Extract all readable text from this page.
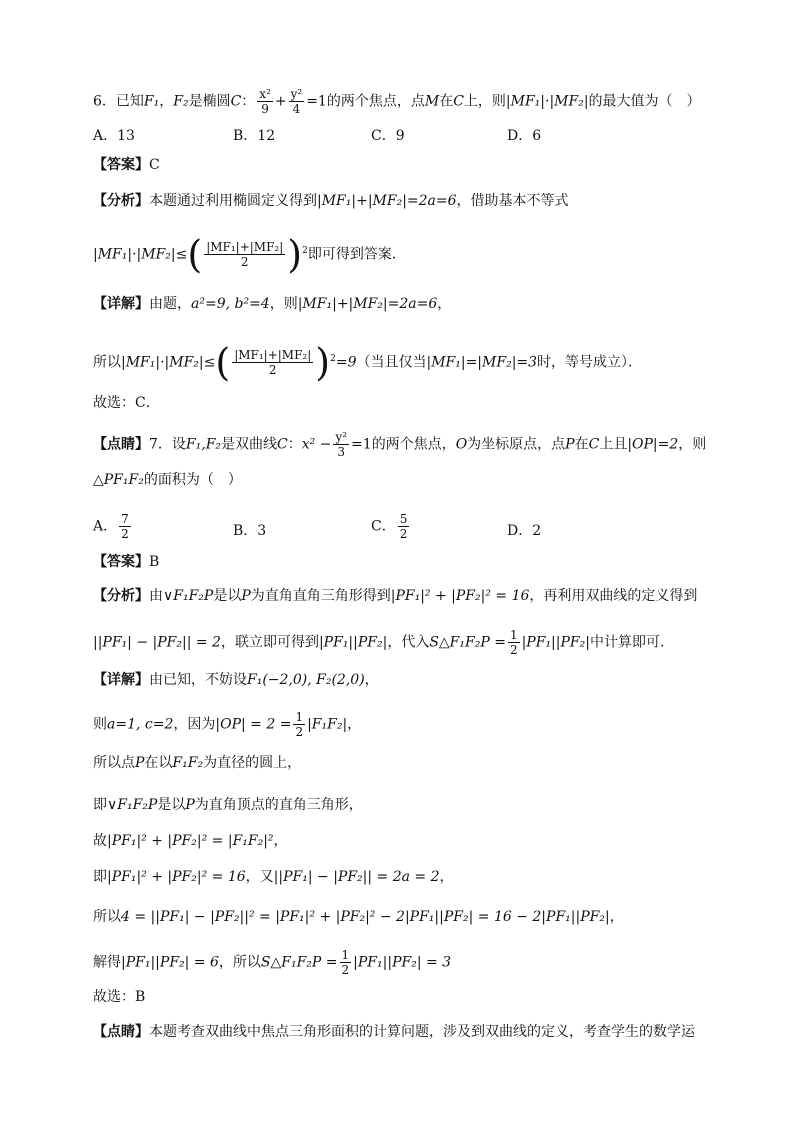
6．已知F₁，F₂是椭圆C： $\frac{\text{x²}}{9} + \frac{\text{y²}}{4} =1$的两个焦点，点M在C上，则|MF₁|·|MF₂|的最大值为（　）
A．13	B．12	C．9	D．6
【答案】C
【分析】本题通过利用椭圆定义得到|MF₁|+|MF₂|=2a=6，借助基本不等式
$|MF_1|\cdot|MF_2|\le( \frac{\text{|MF₁|+|MF₂|}}{2} )^2$即可得到答案．
【详解】由题，a²=9, b²=4，则|MF₁|+|MF₂|=2a=6，
所以$|MF_1|\cdot|MF_2|\le( \frac{\text{|MF₁|+|MF₂|}}{2} )^2=9$（当且仅当|MF₁|=|MF₂|=3时，等号成立）．
故选：C．
【点睛】7．设F₁,F₂是双曲线C：$x^2 - \frac{\text{y²}}{3} =1$的两个焦点，O为坐标原点，点P在C上且|OP|=2，则
△PF₁F₂的面积为（　）
A． $\frac{7}{2}$	B．3	C． $\frac{5}{2}$	D．2
【答案】B
【分析】由∨F₁F₂P是以P为直角直角三角形得到|PF₁|² + |PF₂|² = 16，再利用双曲线的定义得到
||PF₁| − |PF₂|| = 2，联立即可得到|PF₁||PF₂|，代入S△F₁F₂P = $\frac{1}{2} |PF_1||PF_2|$中计算即可.
【详解】由已知，不妨设F₁(−2,0), F₂(2,0)，
则a=1, c=2，因为$|OP| = 2 = \frac{1}{2} |F_1F_2|$，
所以点P在以F₁F₂为直径的圆上，
即∨F₁F₂P是以P为直角顶点的直角三角形，
故|PF₁|² + |PF₂|² = |F₁F₂|²，
即|PF₁|² + |PF₂|² = 16，又||PF₁| − |PF₂|| = 2a = 2，
所以4 = ||PF₁| − |PF₂||² = |PF₁|² + |PF₂|² − 2|PF₁||PF₂| = 16 − 2|PF₁||PF₂|，
解得|PF₁||PF₂| = 6，所以S△F₁F₂P = $\frac{1}{2} |PF_1||PF_2| = 3$
故选：B
【点睛】本题考查双曲线中焦点三角形面积的计算问题，涉及到双曲线的定义，考查学生的数学运
